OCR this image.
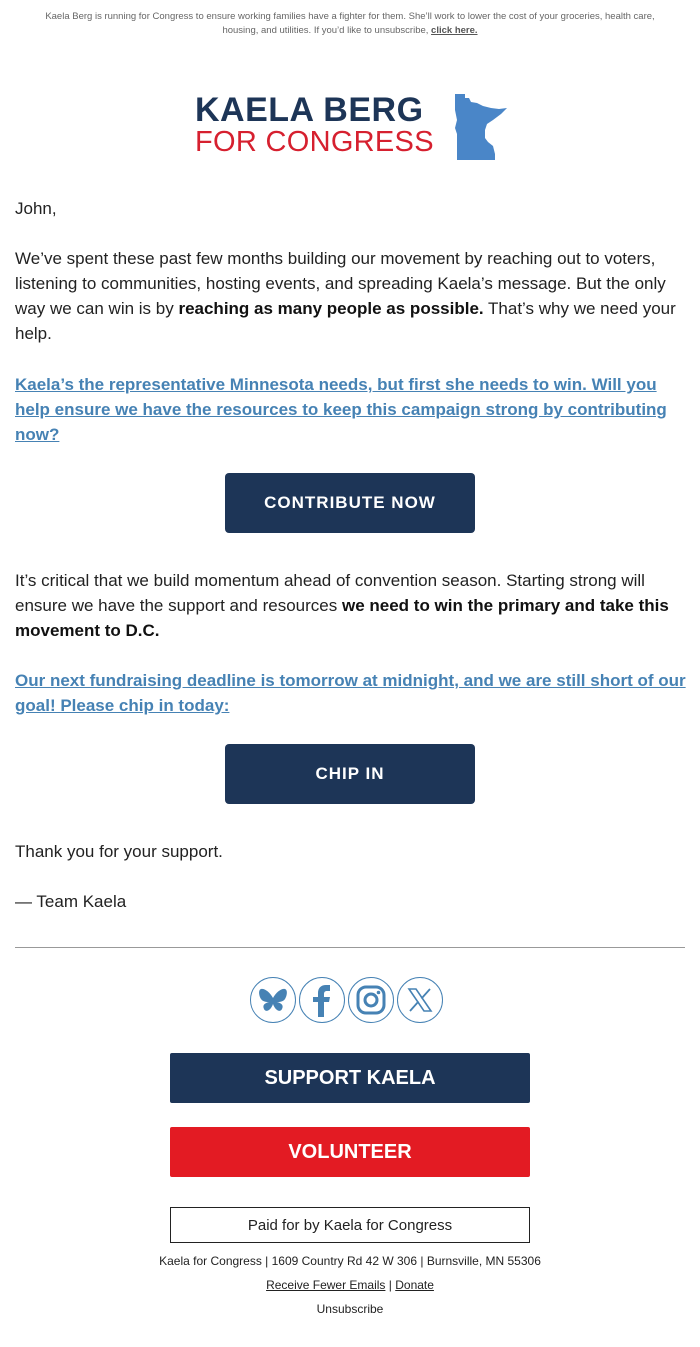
Kaela Berg is running for Congress to ensure working families have a fighter for them. She’ll work to lower the cost of your groceries, health care, housing, and utilities. If you’d like to unsubscribe, click here.
KAELA BERG
FOR CONGRESS
John,
We’ve spent these past few months building our movement by reaching out to voters, listening to communities, hosting events, and spreading Kaela’s message. But the only way we can win is by reaching as many people as possible. That’s why we need your help.
Kaela’s the representative Minnesota needs, but first she needs to win. Will you help ensure we have the resources to keep this campaign strong by contributing now?
CONTRIBUTE NOW
It’s critical that we build momentum ahead of convention season. Starting strong will ensure we have the support and resources we need to win the primary and take this movement to D.C.
Our next fundraising deadline is tomorrow at midnight, and we are still short of our goal! Please chip in today:
CHIP IN
Thank you for your support.
— Team Kaela
SUPPORT KAELA
VOLUNTEER
Paid for by Kaela for Congress
Kaela for Congress | 1609 Country Rd 42 W 306 | Burnsville, MN 55306
Receive Fewer Emails | Donate
Unsubscribe
